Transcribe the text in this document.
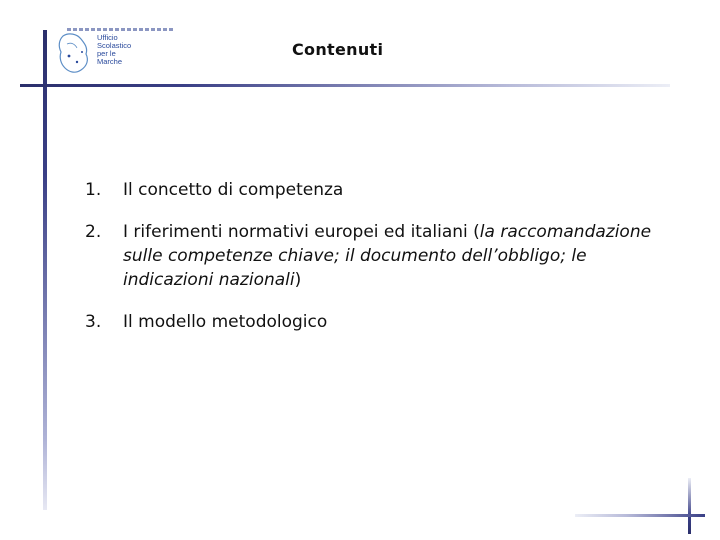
Ufficio
Scolastico
per le
Marche
Contenuti
1. Il concetto di competenza
2. I riferimenti normativi europei ed italiani (la raccomandazione sulle competenze chiave; il documento dell’obbligo; le indicazioni nazionali)
3. Il modello metodologico
